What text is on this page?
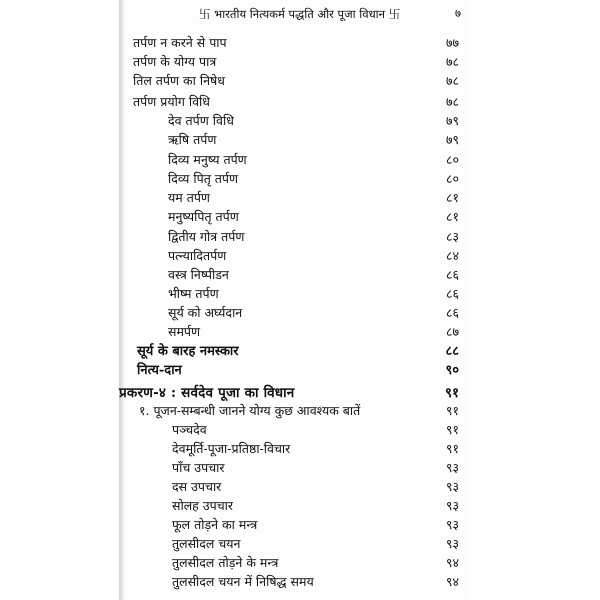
卐 भारतीय नित्यकर्म पद्धति और पूजा विधान 卐	७
तर्पण न करने से पाप	७७
तर्पण के योग्य पात्र	७८
तिल तर्पण का निषेध	७८
तर्पण प्रयोग विधि	७८
देव तर्पण विधि	७९
ऋषि तर्पण	७९
दिव्य मनुष्य तर्पण	८०
दिव्य पितृ तर्पण	८०
यम तर्पण	८१
मनुष्यपितृ तर्पण	८१
द्वितीय गोत्र तर्पण	८३
पत्न्यादितर्पण	८४
वस्त्र निष्पीडन	८६
भीष्म तर्पण	८६
सूर्य को अर्घ्यदान	८६
समर्पण	८७
सूर्य के बारह नमस्कार	८८
नित्य-दान	९०
प्रकरण-४ : सर्वदेव पूजा का विधान	९१
१. पूजन-सम्बन्धी जानने योग्य कुछ आवश्यक बातें	९१
पञ्चदेव	९१
देवमूर्ति-पूजा-प्रतिष्ठा-विचार	९१
पाँच उपचार	९३
दस उपचार	९३
सोलह उपचार	९३
फूल तोड़ने का मन्त्र	९३
तुलसीदल चयन	९३
तुलसीदल तोड़ने के मन्त्र	९४
तुलसीदल चयन में निषिद्ध समय	९४
